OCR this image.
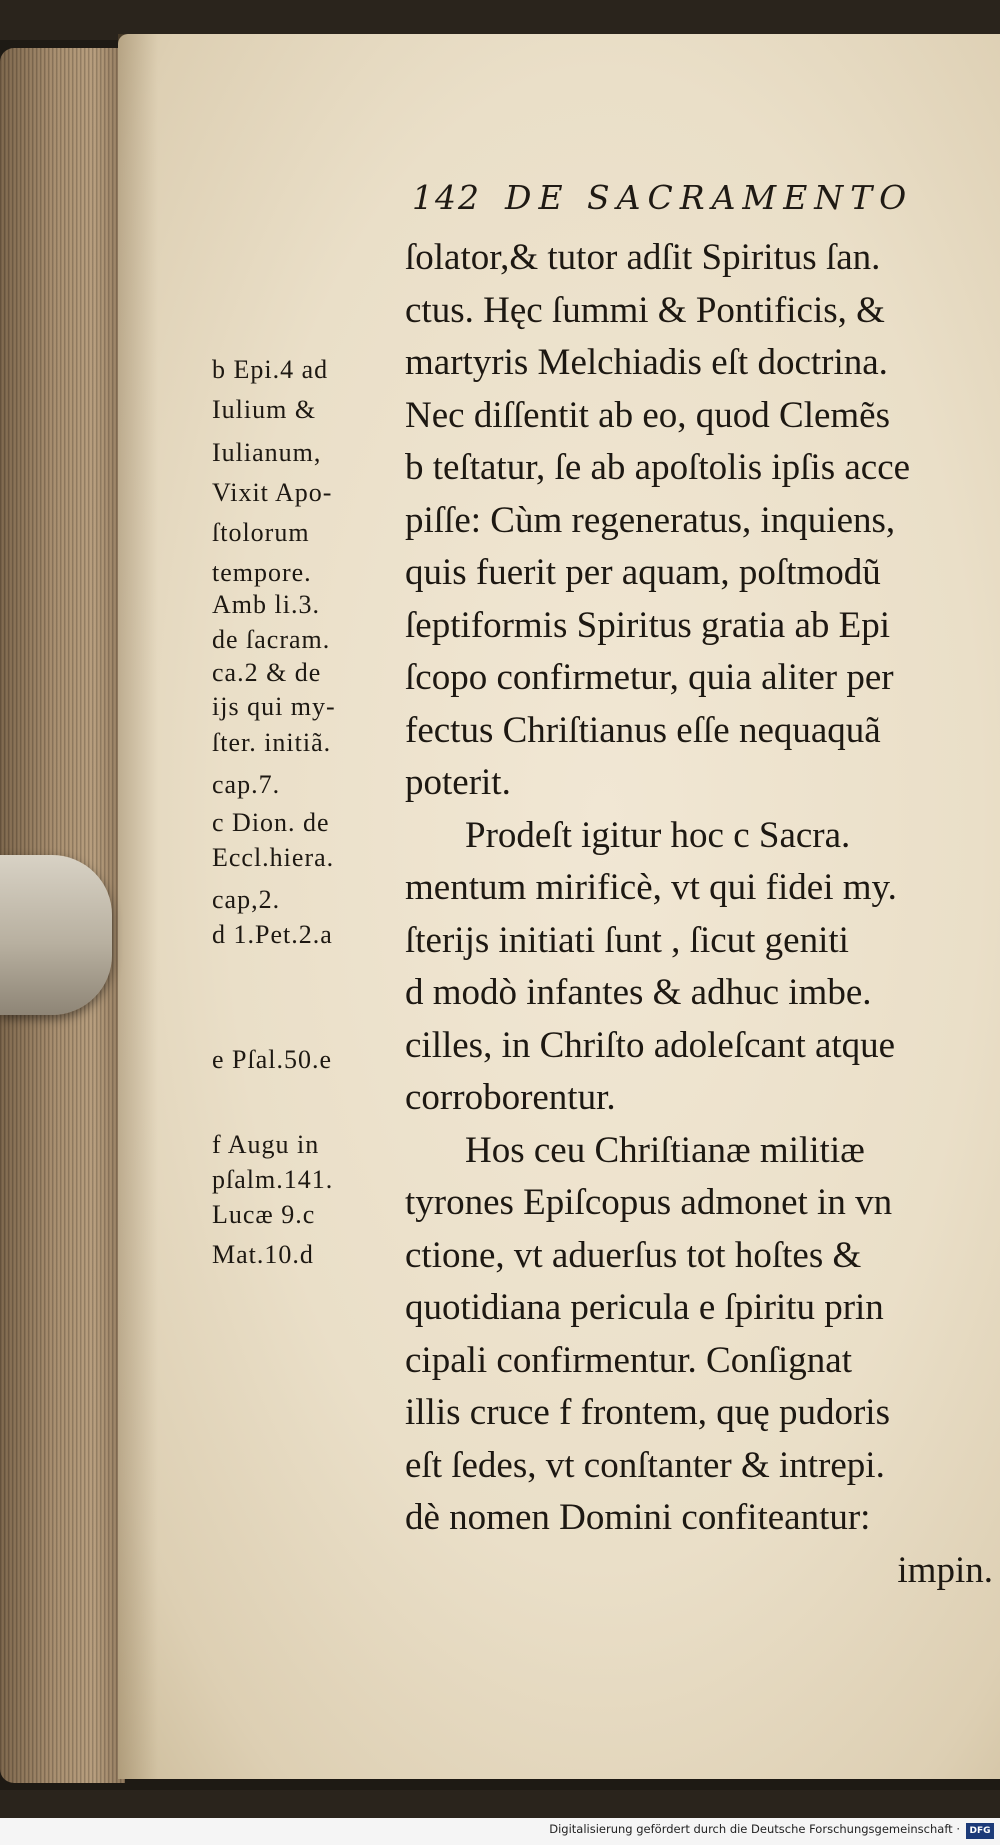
142 DE SACRAMENTO
ſolator,& tutor adſit Spiritus ſan.
ctus. Hęc ſummi & Pontificis, &
martyris Melchiadis eſt doctrina.
Nec diſſentit ab eo, quod Clemẽs
b teſtatur, ſe ab apoſtolis ipſis acce
piſſe: Cùm regeneratus, inquiens,
quis fuerit per aquam, poſtmodũ
ſeptiformis Spiritus gratia ab Epi
ſcopo confirmetur, quia aliter per
fectus Chriſtianus eſſe nequaquã
poterit.
Prodeſt igitur hoc c Sacra.
mentum mirificè, vt qui fidei my.
ſterijs initiati ſunt , ſicut geniti
d modò infantes & adhuc imbe.
cilles, in Chriſto adoleſcant atque
corroborentur.
Hos ceu Chriſtianæ militiæ
tyrones Epiſcopus admonet in vn
ctione, vt aduerſus tot hoſtes &
quotidiana pericula e ſpiritu prin
cipali confirmentur. Conſignat
illis cruce f frontem, quę pudoris
eſt ſedes, vt conſtanter & intrepi.
dè nomen Domini confiteantur:
impin.
b Epi.4 ad
Iulium &
Iulianum,
Vixit Apo-
ſtolorum
tempore.
Amb li.3.
de ſacram.
ca.2 & de
ijs qui my-
ſter. initiã.
cap.7.
c Dion. de
Eccl.hiera.
cap,2.
d 1.Pet.2.a
e Pſal.50.e
f Augu in
pſalm.141.
Lucæ 9.c
Mat.10.d
Digitalisierung gefördert durch die Deutsche Forschungsgemeinschaft ·	DFG
